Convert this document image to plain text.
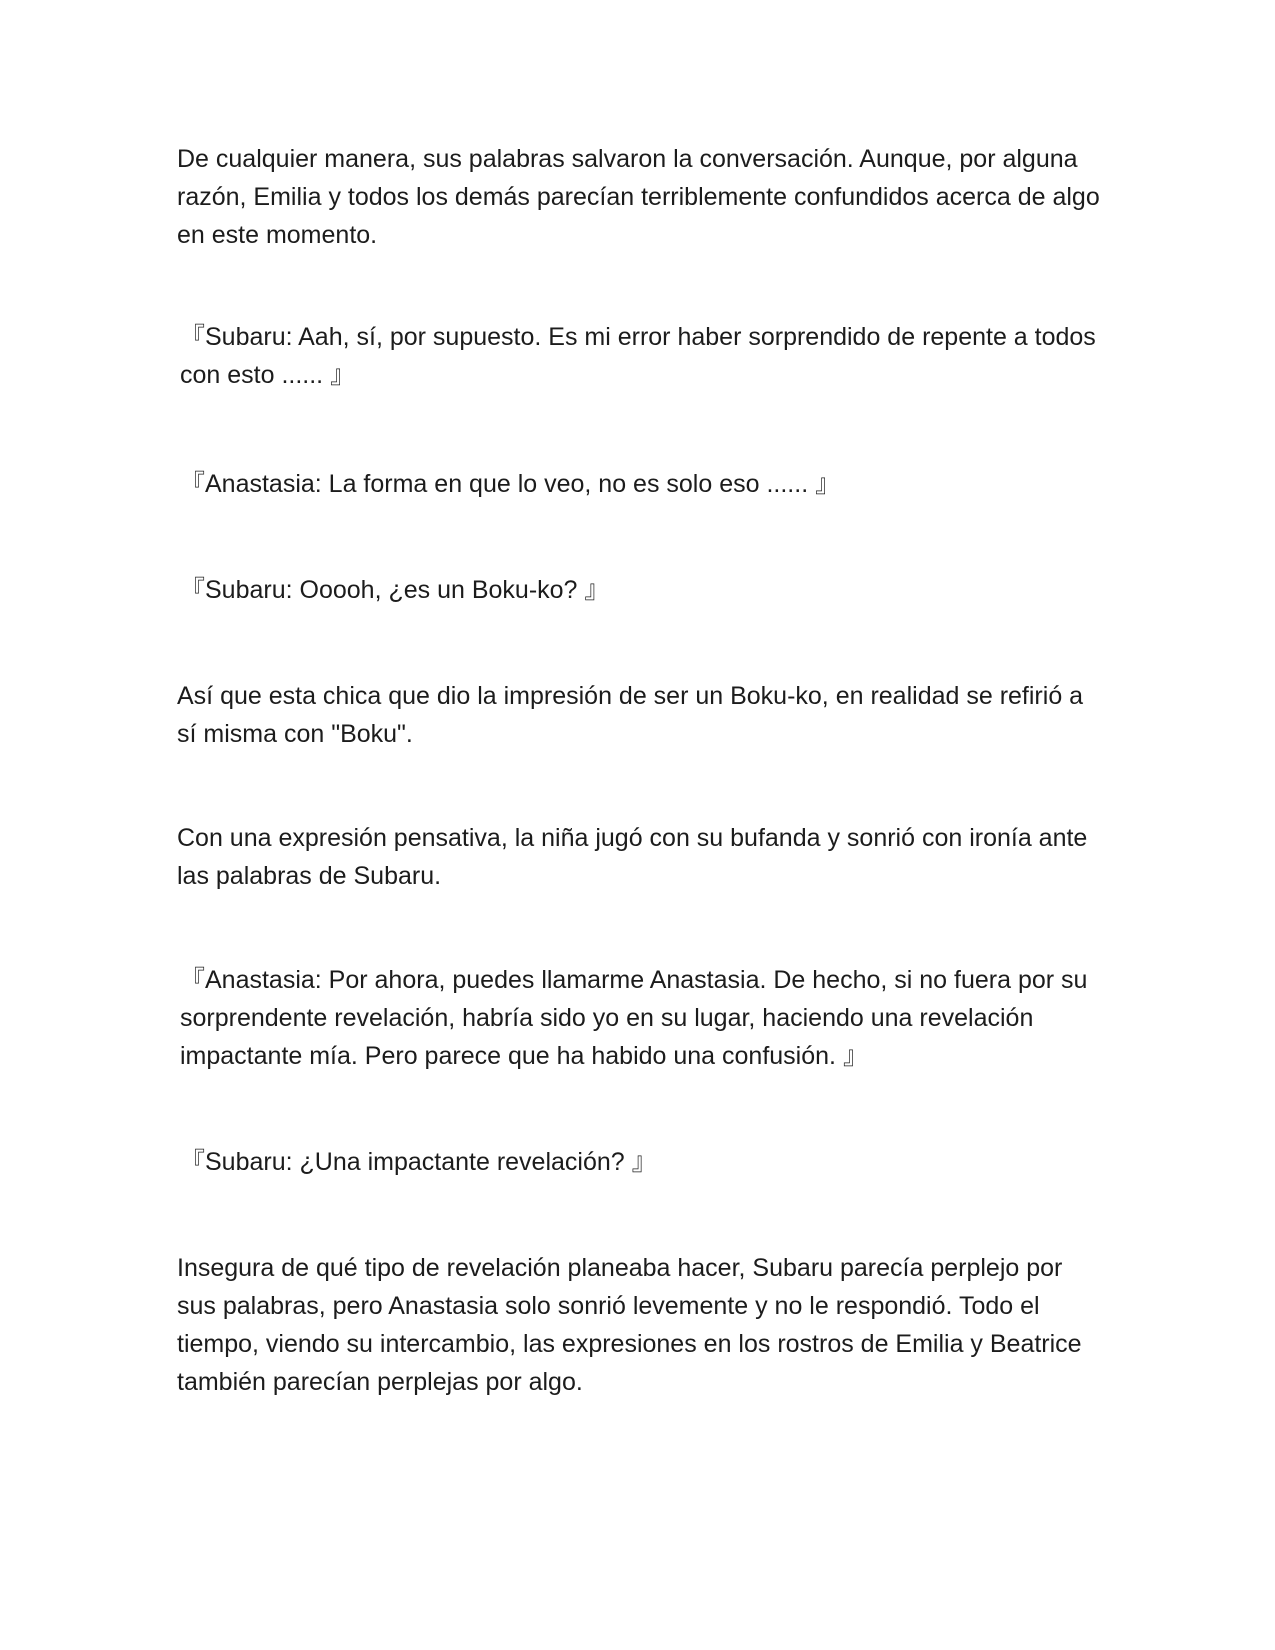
De cualquier manera, sus palabras salvaron la conversación. Aunque, por alguna razón, Emilia y todos los demás parecían terriblemente confundidos acerca de algo en este momento.

『Subaru: Aah, sí, por supuesto. Es mi error haber sorprendido de repente a todos con esto ...... 』

『Anastasia: La forma en que lo veo, no es solo eso ...... 』

『Subaru: Ooooh, ¿es un Boku-ko? 』

Así que esta chica que dio la impresión de ser un Boku-ko, en realidad se refirió a sí misma con "Boku".

Con una expresión pensativa, la niña jugó con su bufanda y sonrió con ironía ante las palabras de Subaru.

『Anastasia: Por ahora, puedes llamarme Anastasia. De hecho, si no fuera por su sorprendente revelación, habría sido yo en su lugar, haciendo una revelación impactante mía. Pero parece que ha habido una confusión. 』

『Subaru: ¿Una impactante revelación? 』

Insegura de qué tipo de revelación planeaba hacer, Subaru parecía perplejo por sus palabras, pero Anastasia solo sonrió levemente y no le respondió. Todo el tiempo, viendo su intercambio, las expresiones en los rostros de Emilia y Beatrice también parecían perplejas por algo.
